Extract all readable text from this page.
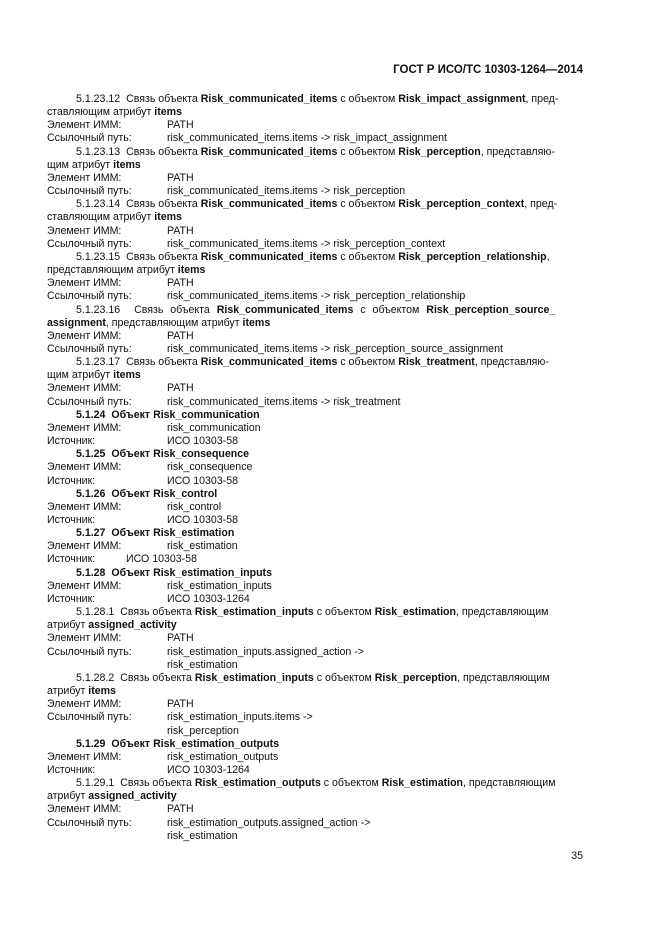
ГОСТ Р ИСО/ТС 10303-1264—2014
5.1.23.12 Связь объекта Risk_communicated_items с объектом Risk_impact_assignment, пред-
ставляющим атрибут items
Элемент ИММ:	PATH
Ссылочный путь:	risk_communicated_items.items -> risk_impact_assignment
5.1.23.13 Связь объекта Risk_communicated_items с объектом Risk_perception, представляю-
щим атрибут items
Элемент ИММ:	PATH
Ссылочный путь:	risk_communicated_items.items -> risk_perception
5.1.23.14 Связь объекта Risk_communicated_items с объектом Risk_perception_context, пред-
ставляющим атрибут items
Элемент ИММ:	PATH
Ссылочный путь:	risk_communicated_items.items -> risk_perception_context
5.1.23.15 Связь объекта Risk_communicated_items с объектом Risk_perception_relationship,
представляющим атрибут items
Элемент ИММ:	PATH
Ссылочный путь:	risk_communicated_items.items -> risk_perception_relationship
5.1.23.16 Связь объекта Risk_communicated_items с объектом Risk_perception_source_
assignment, представляющим атрибут items
Элемент ИММ:	PATH
Ссылочный путь:	risk_communicated_items.items -> risk_perception_source_assignment
5.1.23.17 Связь объекта Risk_communicated_items с объектом Risk_treatment, представляю-
щим атрибут items
Элемент ИММ:	PATH
Ссылочный путь:	risk_communicated_items.items -> risk_treatment
5.1.24 Объект Risk_communication
Элемент ИММ:	risk_communication
Источник:	ИСО 10303-58
5.1.25 Объект Risk_consequence
Элемент ИММ:	risk_consequence
Источник:	ИСО 10303-58
5.1.26 Объект Risk_control
Элемент ИММ:	risk_control
Источник:	ИСО 10303-58
5.1.27 Объект Risk_estimation
Элемент ИММ:	risk_estimation
Источник:	ИСО 10303-58
5.1.28 Объект Risk_estimation_inputs
Элемент ИММ:	risk_estimation_inputs
Источник:	ИСО 10303-1264
5.1.28.1 Связь объекта Risk_estimation_inputs с объектом Risk_estimation, представляющим
атрибут assigned_activity
Элемент ИММ:	PATH
Ссылочный путь:	risk_estimation_inputs.assigned_action ->
risk_estimation
5.1.28.2 Связь объекта Risk_estimation_inputs с объектом Risk_perception, представляющим
атрибут items
Элемент ИММ:	PATH
Ссылочный путь:	risk_estimation_inputs.items ->
risk_perception
5.1.29 Объект Risk_estimation_outputs
Элемент ИММ:	risk_estimation_outputs
Источник:	ИСО 10303-1264
5.1.29.1 Связь объекта Risk_estimation_outputs с объектом Risk_estimation, представляющим
атрибут assigned_activity
Элемент ИММ:	PATH
Ссылочный путь:	risk_estimation_outputs.assigned_action ->
risk_estimation
35
